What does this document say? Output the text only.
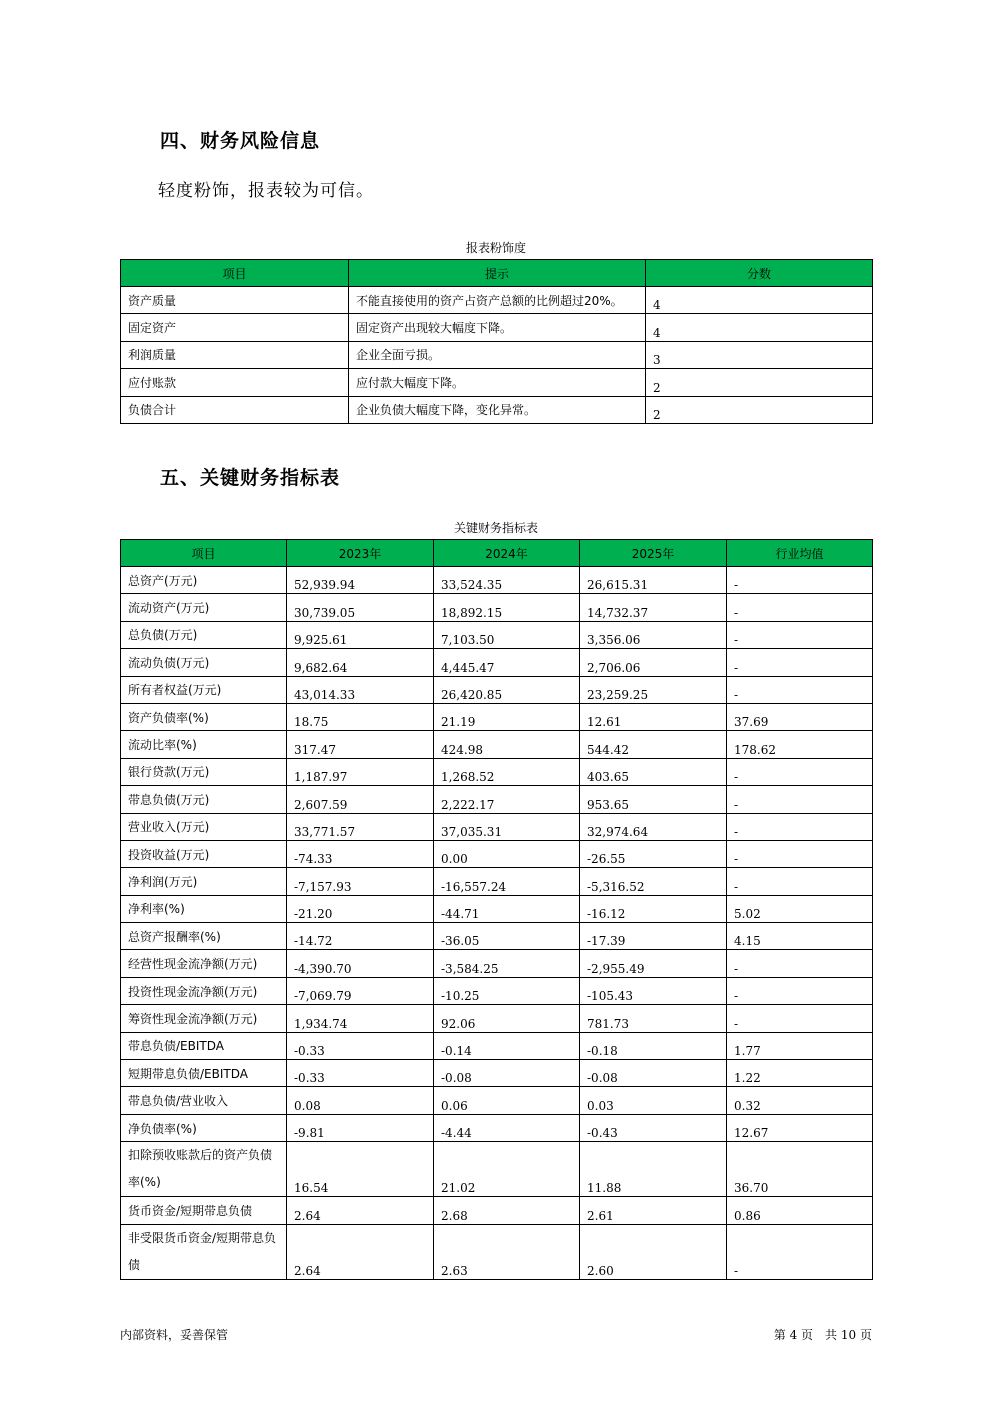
四、财务风险信息
轻度粉饰，报表较为可信。
报表粉饰度
项目	提示	分数
资产质量	不能直接使用的资产占资产总额的比例超过20%。	4
固定资产	固定资产出现较大幅度下降。	4
利润质量	企业全面亏损。	3
应付账款	应付款大幅度下降。	2
负债合计	企业负债大幅度下降，变化异常。	2
五、关键财务指标表
关键财务指标表
项目	2023年	2024年	2025年	行业均值
总资产(万元)	52,939.94	33,524.35	26,615.31	-
流动资产(万元)	30,739.05	18,892.15	14,732.37	-
总负债(万元)	9,925.61	7,103.50	3,356.06	-
流动负债(万元)	9,682.64	4,445.47	2,706.06	-
所有者权益(万元)	43,014.33	26,420.85	23,259.25	-
资产负债率(%)	18.75	21.19	12.61	37.69
流动比率(%)	317.47	424.98	544.42	178.62
银行贷款(万元)	1,187.97	1,268.52	403.65	-
带息负债(万元)	2,607.59	2,222.17	953.65	-
营业收入(万元)	33,771.57	37,035.31	32,974.64	-
投资收益(万元)	-74.33	0.00	-26.55	-
净利润(万元)	-7,157.93	-16,557.24	-5,316.52	-
净利率(%)	-21.20	-44.71	-16.12	5.02
总资产报酬率(%)	-14.72	-36.05	-17.39	4.15
经营性现金流净额(万元)	-4,390.70	-3,584.25	-2,955.49	-
投资性现金流净额(万元)	-7,069.79	-10.25	-105.43	-
筹资性现金流净额(万元)	1,934.74	92.06	781.73	-
带息负债/EBITDA	-0.33	-0.14	-0.18	1.77
短期带息负债/EBITDA	-0.33	-0.08	-0.08	1.22
带息负债/营业收入	0.08	0.06	0.03	0.32
净负债率(%)	-9.81	-4.44	-0.43	12.67
扣除预收账款后的资产负债率(%)	16.54	21.02	11.88	36.70
货币资金/短期带息负债	2.64	2.68	2.61	0.86
非受限货币资金/短期带息负债	2.64	2.63	2.60	-
内部资料，妥善保管	第 4 页　共 10 页
